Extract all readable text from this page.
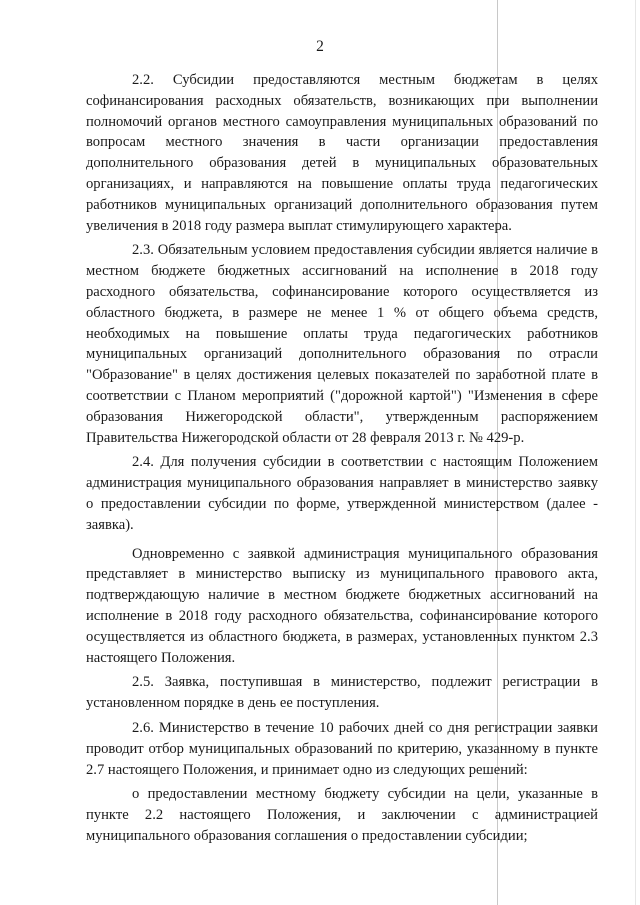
2

2.2. Субсидии предоставляются местным бюджетам в целях софинансирования расходных обязательств, возникающих при выполнении полномочий органов местного самоуправления муниципальных образований по вопросам местного значения в части организации предоставления дополнительного образования детей в муниципальных образовательных организациях, и направляются на повышение оплаты труда педагогических работников муниципальных организаций дополнительного образования путем увеличения в 2018 году размера выплат стимулирующего характера.

2.3. Обязательным условием предоставления субсидии является наличие в местном бюджете бюджетных ассигнований на исполнение в 2018 году расходного обязательства, софинансирование которого осуществляется из областного бюджета, в размере не менее 1 % от общего объема средств, необходимых на повышение оплаты труда педагогических работников муниципальных организаций дополнительного образования по отрасли "Образование" в целях достижения целевых показателей по заработной плате в соответствии с Планом мероприятий ("дорожной картой") "Изменения в сфере образования Нижегородской области", утвержденным распоряжением Правительства Нижегородской области от 28 февраля 2013 г. № 429-р.

2.4. Для получения субсидии в соответствии с настоящим Положением администрация муниципального образования направляет в министерство заявку о предоставлении субсидии по форме, утвержденной министерством (далее - заявка).

Одновременно с заявкой администрация муниципального образования представляет в министерство выписку из муниципального правового акта, подтверждающую наличие в местном бюджете бюджетных ассигнований на исполнение в 2018 году расходного обязательства, софинансирование которого осуществляется из областного бюджета, в размерах, установленных пунктом 2.3 настоящего Положения.

2.5. Заявка, поступившая в министерство, подлежит регистрации в установленном порядке в день ее поступления.

2.6. Министерство в течение 10 рабочих дней со дня регистрации заявки проводит отбор муниципальных образований по критерию, указанному в пункте 2.7 настоящего Положения, и принимает одно из следующих решений:

о предоставлении местному бюджету субсидии на цели, указанные в пункте 2.2 настоящего Положения, и заключении с администрацией муниципального образования соглашения о предоставлении субсидии;
